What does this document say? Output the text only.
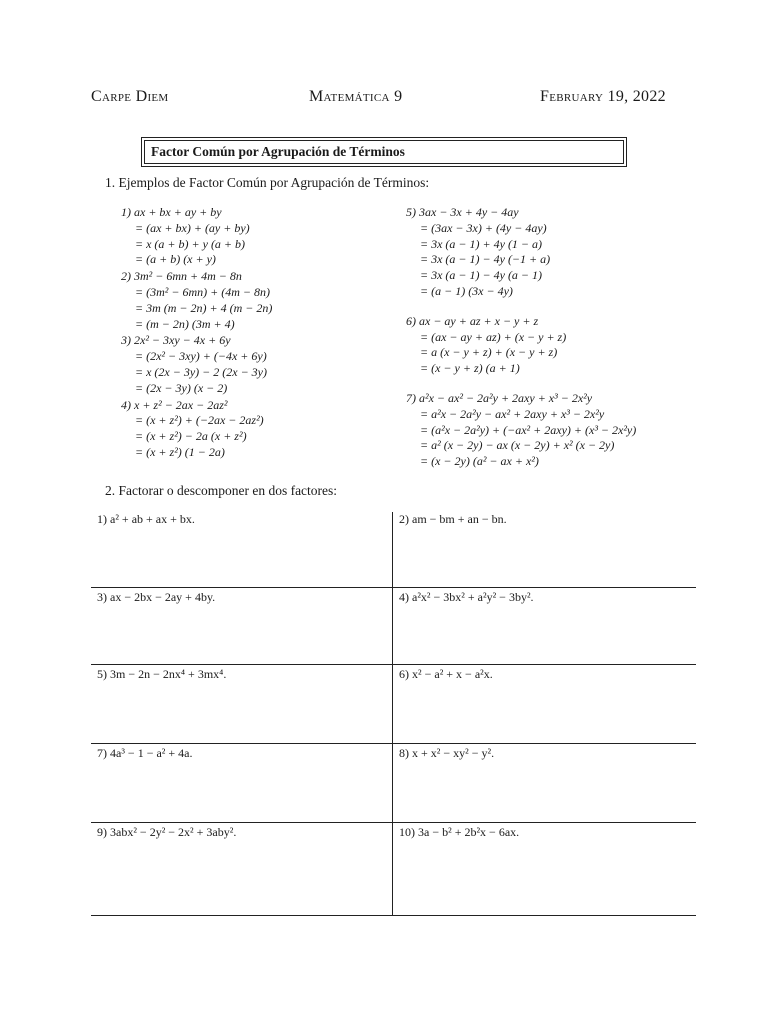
Carpe Diem	Matemática 9	February 19, 2022
Factor Común por Agrupación de Términos
1. Ejemplos de Factor Común por Agrupación de Términos:
1) ax + bx + ay + by
= (ax + bx) + (ay + by)
= x (a + b) + y (a + b)
= (a + b) (x + y)
2) 3m² − 6mn + 4m − 8n
= (3m² − 6mn) + (4m − 8n)
= 3m (m − 2n) + 4 (m − 2n)
= (m − 2n) (3m + 4)
3) 2x² − 3xy − 4x + 6y
= (2x² − 3xy) + (−4x + 6y)
= x (2x − 3y) − 2 (2x − 3y)
= (2x − 3y) (x − 2)
4) x + z² − 2ax − 2az²
= (x + z²) + (−2ax − 2az²)
= (x + z²) − 2a (x + z²)
= (x + z²) (1 − 2a)
5) 3ax − 3x + 4y − 4ay
= (3ax − 3x) + (4y − 4ay)
= 3x (a − 1) + 4y (1 − a)
= 3x (a − 1) − 4y (−1 + a)
= 3x (a − 1) − 4y (a − 1)
= (a − 1) (3x − 4y)
6) ax − ay + az + x − y + z
= (ax − ay + az) + (x − y + z)
= a (x − y + z) + (x − y + z)
= (x − y + z) (a + 1)
7) a²x − ax² − 2a²y + 2axy + x³ − 2x²y
= a²x − 2a²y − ax² + 2axy + x³ − 2x²y
= (a²x − 2a²y) + (−ax² + 2axy) + (x³ − 2x²y)
= a² (x − 2y) − ax (x − 2y) + x² (x − 2y)
= (x − 2y) (a² − ax + x²)
2. Factorar o descomponer en dos factores:
1) a² + ab + ax + bx.	2) am − bm + an − bn.
3) ax − 2bx − 2ay + 4by.	4) a²x² − 3bx² + a²y² − 3by².
5) 3m − 2n − 2nx⁴ + 3mx⁴.	6) x² − a² + x − a²x.
7) 4a³ − 1 − a² + 4a.	8) x + x² − xy² − y².
9) 3abx² − 2y² − 2x² + 3aby².	10) 3a − b² + 2b²x − 6ax.
